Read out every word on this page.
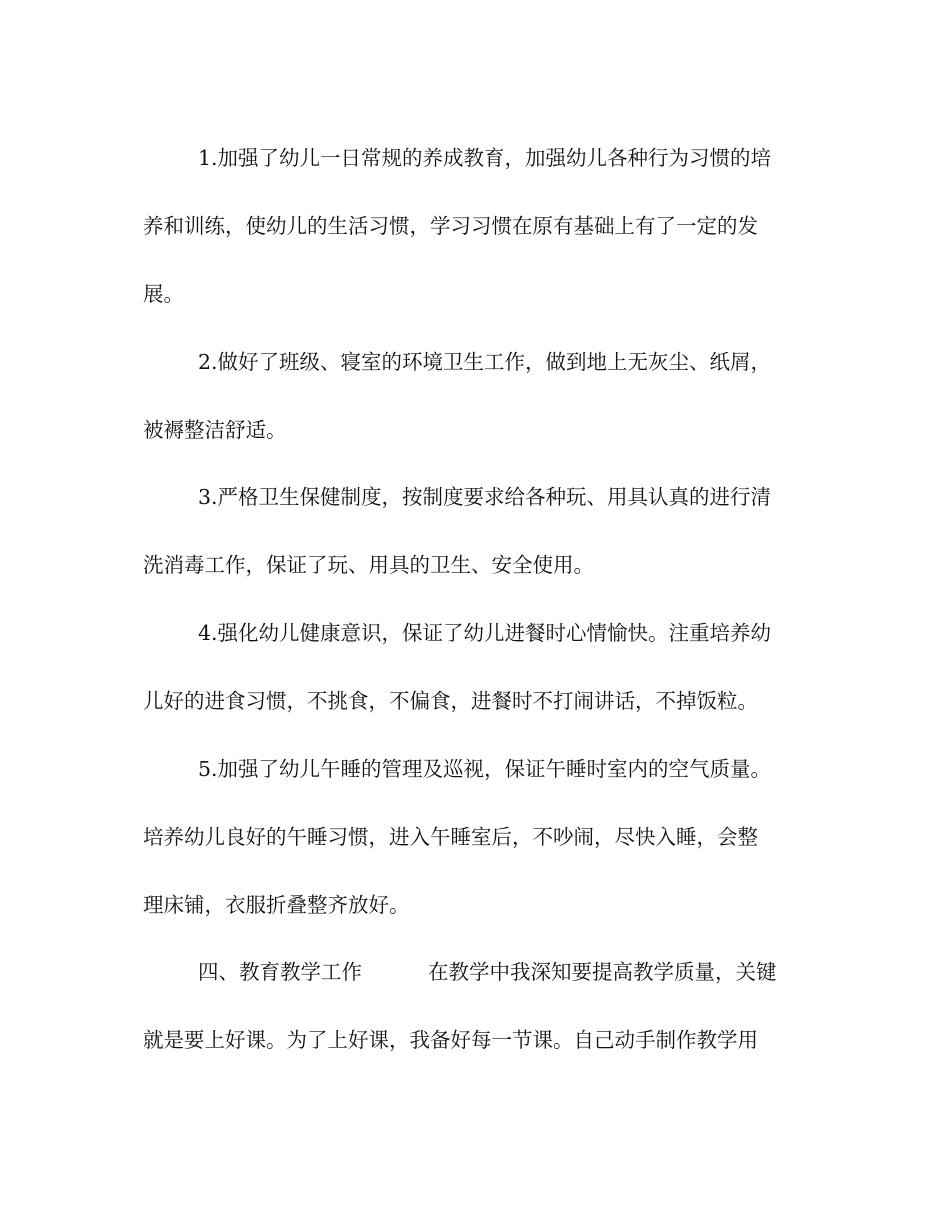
1.加强了幼儿一日常规的养成教育，加强幼儿各种行为习惯的培
养和训练，使幼儿的生活习惯，学习习惯在原有基础上有了一定的发
展。
2.做好了班级、寝室的环境卫生工作，做到地上无灰尘、纸屑，
被褥整洁舒适。
3.严格卫生保健制度，按制度要求给各种玩、用具认真的进行清
洗消毒工作，保证了玩、用具的卫生、安全使用。
4.强化幼儿健康意识，保证了幼儿进餐时心情愉快。注重培养幼
儿好的进食习惯，不挑食，不偏食，进餐时不打闹讲话，不掉饭粒。
5.加强了幼儿午睡的管理及巡视，保证午睡时室内的空气质量。
培养幼儿良好的午睡习惯，进入午睡室后，不吵闹，尽快入睡，会整
理床铺，衣服折叠整齐放好。
四、教育教学工作	在教学中我深知要提高教学质量，关键
就是要上好课。为了上好课，我备好每一节课。自己动手制作教学用
